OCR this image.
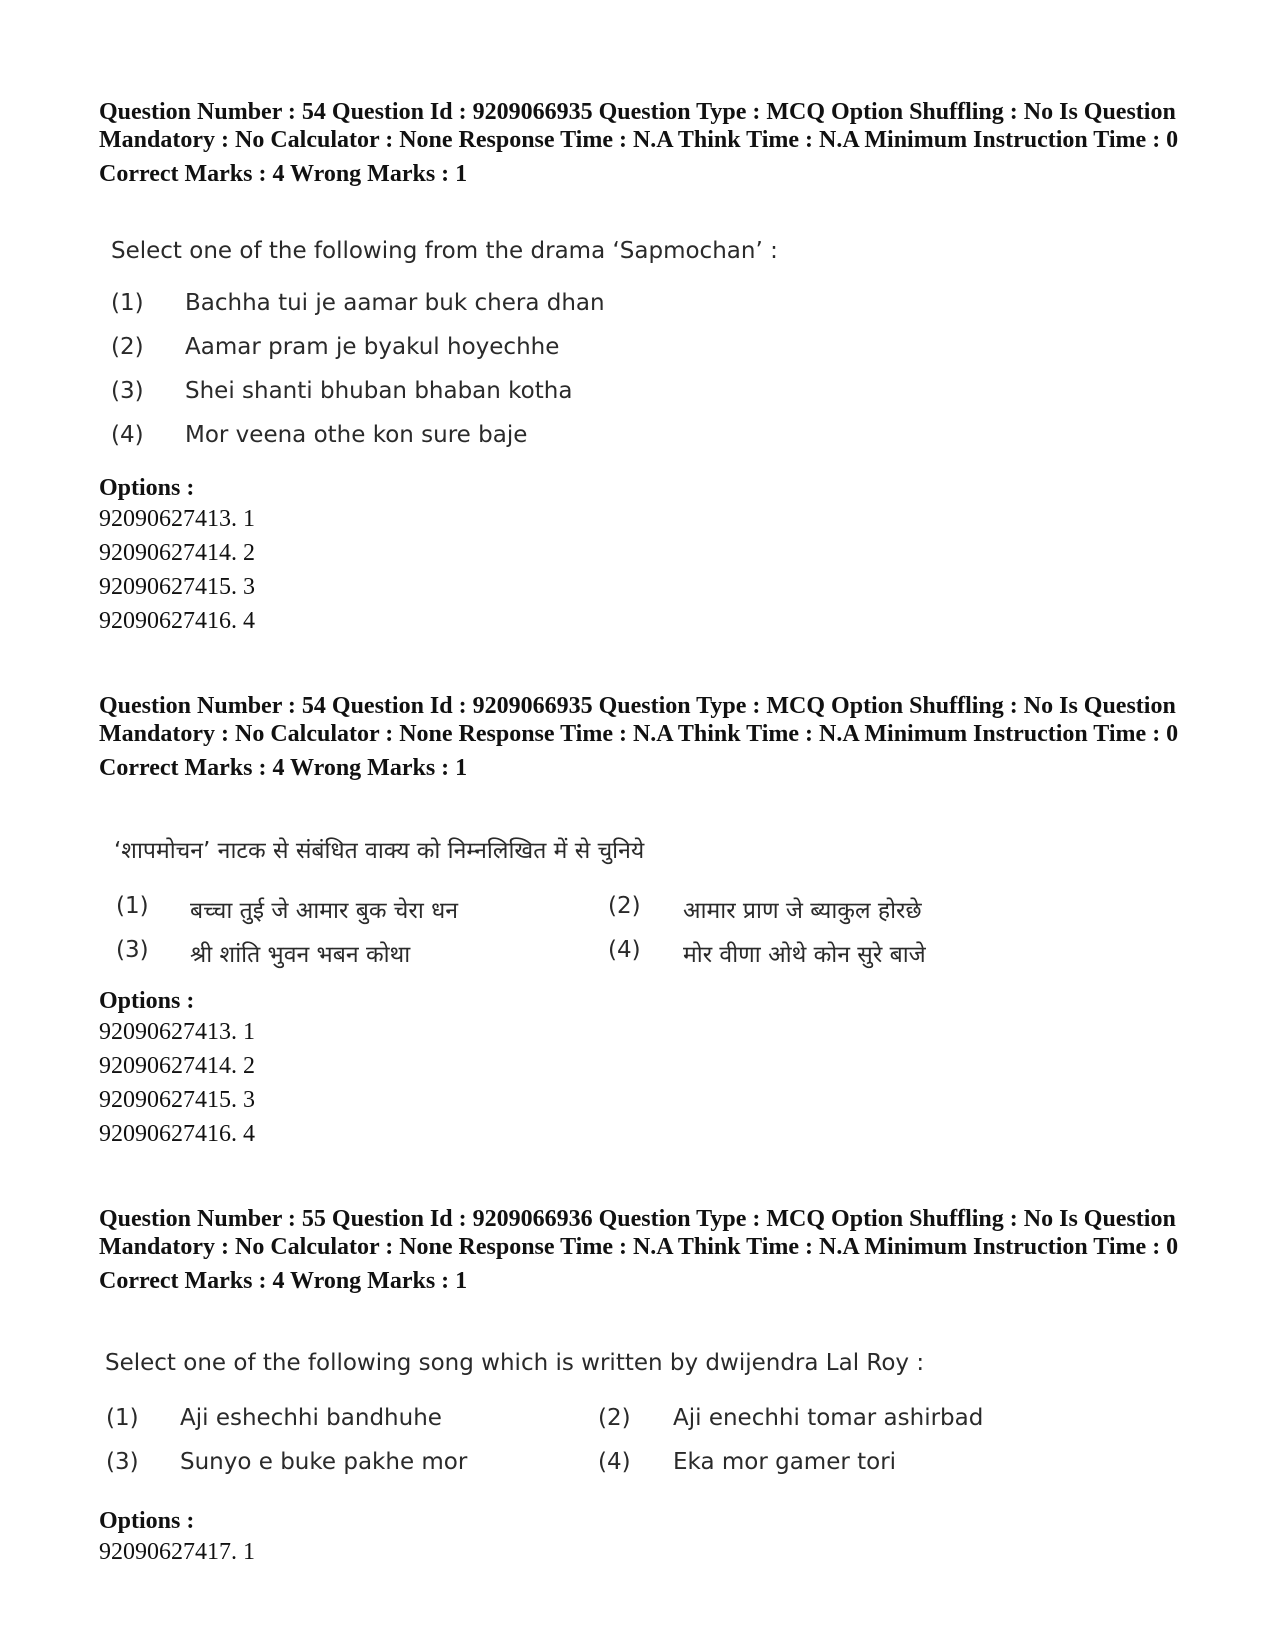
Question Number : 54 Question Id : 9209066935 Question Type : MCQ Option Shuffling : No Is Question Mandatory : No Calculator : None Response Time : N.A Think Time : N.A Minimum Instruction Time : 0

Correct Marks : 4 Wrong Marks : 1

Select one of the following from the drama ‘Sapmochan’ :

(1) Bachha tui je aamar buk chera dhan
(2) Aamar pram je byakul hoyechhe
(3) Shei shanti bhuban bhaban kotha
(4) Mor veena othe kon sure baje

Options :

92090627413. 1

92090627414. 2

92090627415. 3

92090627416. 4

Question Number : 54 Question Id : 9209066935 Question Type : MCQ Option Shuffling : No Is Question Mandatory : No Calculator : None Response Time : N.A Think Time : N.A Minimum Instruction Time : 0

Correct Marks : 4 Wrong Marks : 1

‘शापमोचन’ नाटक से संबंधित वाक्य को निम्नलिखित में से चुनिये

(1) बच्चा तुई जे आमार बुक चेरा धन	(2) आमार प्राण जे ब्याकुल होरछे
(3) श्री शांति भुवन भबन कोथा	(4) मोर वीणा ओथे कोन सुरे बाजे

Options :

92090627413. 1

92090627414. 2

92090627415. 3

92090627416. 4

Question Number : 55 Question Id : 9209066936 Question Type : MCQ Option Shuffling : No Is Question Mandatory : No Calculator : None Response Time : N.A Think Time : N.A Minimum Instruction Time : 0

Correct Marks : 4 Wrong Marks : 1

Select one of the following song which is written by dwijendra Lal Roy :

(1) Aji eshechhi bandhuhe	(2) Aji enechhi tomar ashirbad
(3) Sunyo e buke pakhe mor	(4) Eka mor gamer tori

Options :

92090627417. 1
